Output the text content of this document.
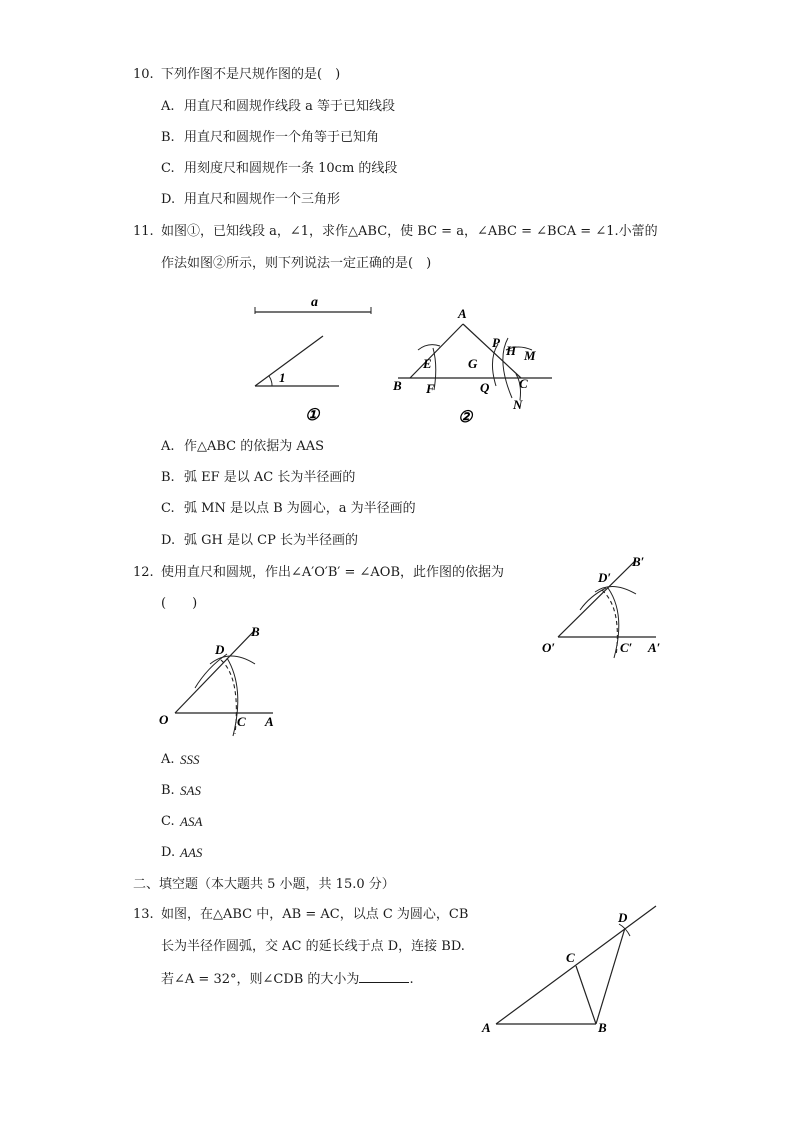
10. 下列作图不是尺规作图的是(　)
A. 用直尺和圆规作线段 a 等于已知线段
B. 用直尺和圆规作一个角等于已知角
C. 用刻度尺和圆规作一条 10cm 的线段
D. 用直尺和圆规作一个三角形
11. 如图①，已知线段 a，∠1，求作△ABC，使 BC = a，∠ABC = ∠BCA = ∠1.小蕾的
作法如图②所示，则下列说法一定正确的是(　)
a
1
①
A
B	C
E
F
G
Q
P
H M
N
②
A. 作△ABC 的依据为 AAS
B. 弧 EF 是以 AC 长为半径画的
C. 弧 MN 是以点 B 为圆心，a 为半径画的
D. 弧 GH 是以 CP 长为半径画的
12. 使用直尺和圆规，作出∠A′O′B′ = ∠AOB，此作图的依据为
(　　)
O	C A
D
B
O′	C′ A′
D′
B′
A. SSS
B. SAS
C. ASA
D. AAS
二、填空题（本大题共 5 小题，共 15.0 分）
13. 如图，在△ABC 中，AB = AC，以点 C 为圆心，CB
长为半径作圆弧，交 AC 的延长线于点 D，连接 BD.
若∠A = 32°，则∠CDB 的大小为	.
A	B
C
D
